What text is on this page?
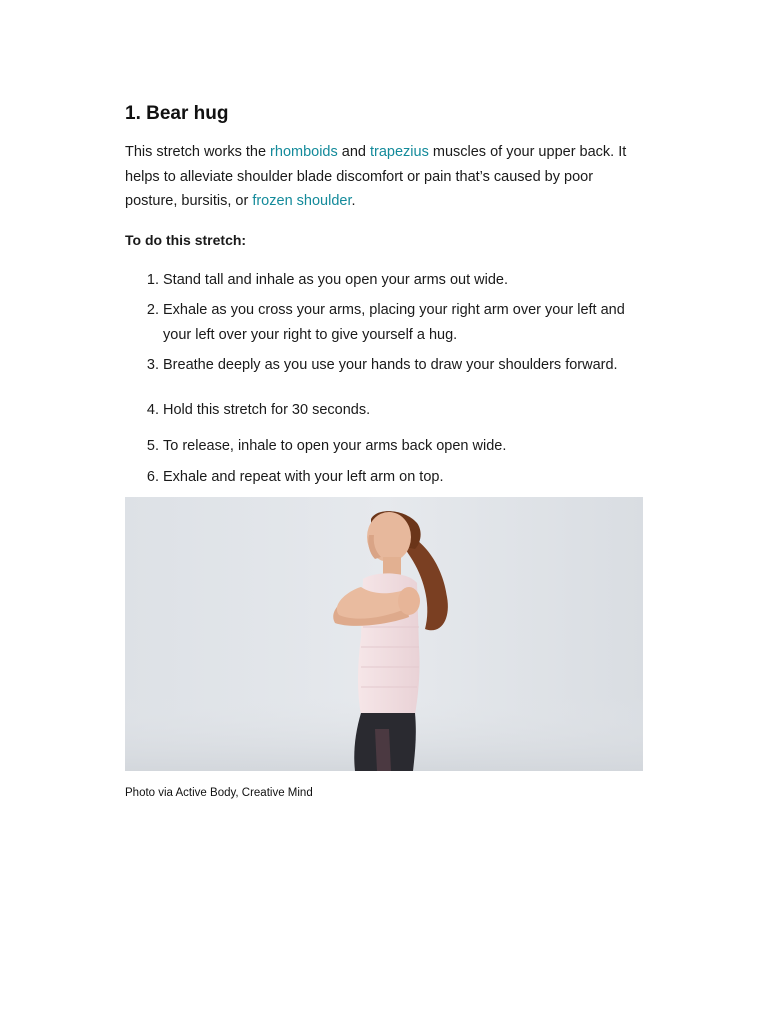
1. Bear hug

This stretch works the rhomboids and trapezius muscles of your upper back. It helps to alleviate shoulder blade discomfort or pain that’s caused by poor posture, bursitis, or frozen shoulder.

To do this stretch:

1. Stand tall and inhale as you open your arms out wide.
2. Exhale as you cross your arms, placing your right arm over your left and your left over your right to give yourself a hug.
3. Breathe deeply as you use your hands to draw your shoulders forward.
4. Hold this stretch for 30 seconds.
5. To release, inhale to open your arms back open wide.
6. Exhale and repeat with your left arm on top.
Photo via Active Body, Creative Mind
